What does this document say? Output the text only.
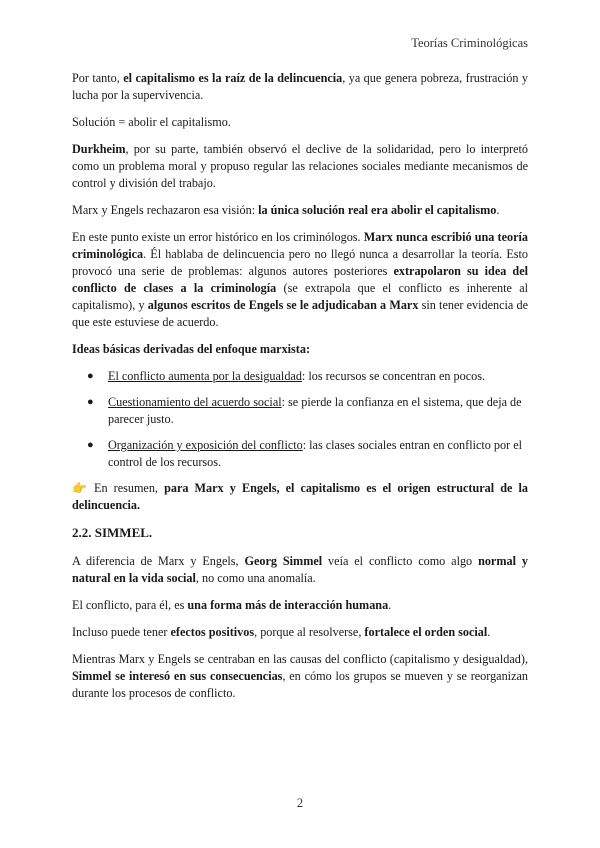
Teorías Criminológicas

Por tanto, el capitalismo es la raíz de la delincuencia, ya que genera pobreza, frustración y lucha por la supervivencia.

Solución = abolir el capitalismo.

Durkheim, por su parte, también observó el declive de la solidaridad, pero lo interpretó como un problema moral y propuso regular las relaciones sociales mediante mecanismos de control y división del trabajo.

Marx y Engels rechazaron esa visión: la única solución real era abolir el capitalismo.

En este punto existe un error histórico en los criminólogos. Marx nunca escribió una teoría criminológica. Él hablaba de delincuencia pero no llegó nunca a desarrollar la teoría. Esto provocó una serie de problemas: algunos autores posteriores extrapolaron su idea del conflicto de clases a la criminología (se extrapola que el conflicto es inherente al capitalismo), y algunos escritos de Engels se le adjudicaban a Marx sin tener evidencia de que este estuviese de acuerdo.

Ideas básicas derivadas del enfoque marxista:

● El conflicto aumenta por la desigualdad: los recursos se concentran en pocos.
● Cuestionamiento del acuerdo social: se pierde la confianza en el sistema, que deja de parecer justo.
● Organización y exposición del conflicto: las clases sociales entran en conflicto por el control de los recursos.

👉 En resumen, para Marx y Engels, el capitalismo es el origen estructural de la delincuencia.

2.2. SIMMEL.

A diferencia de Marx y Engels, Georg Simmel veía el conflicto como algo normal y natural en la vida social, no como una anomalía.

El conflicto, para él, es una forma más de interacción humana.

Incluso puede tener efectos positivos, porque al resolverse, fortalece el orden social.

Mientras Marx y Engels se centraban en las causas del conflicto (capitalismo y desigualdad), Simmel se interesó en sus consecuencias, en cómo los grupos se mueven y se reorganizan durante los procesos de conflicto.

2
